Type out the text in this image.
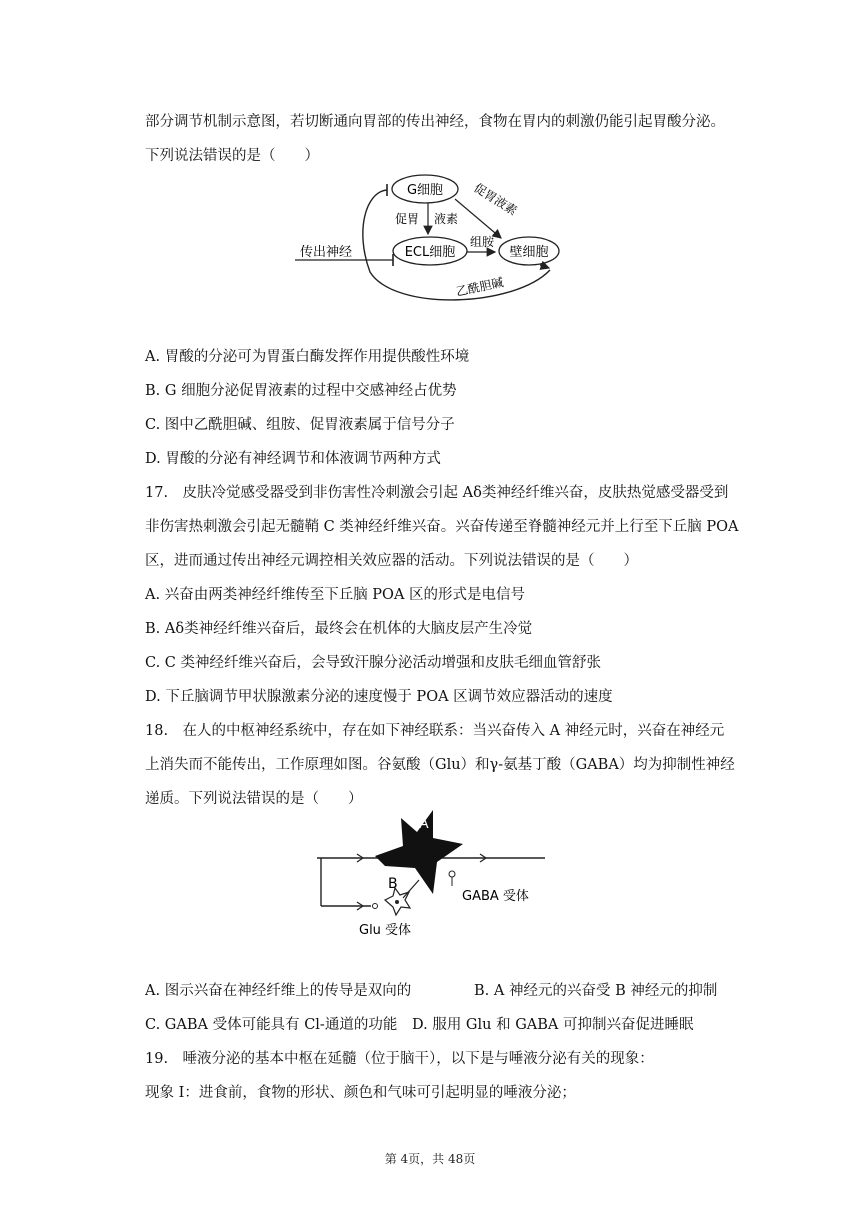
部分调节机制示意图，若切断通向胃部的传出神经，食物在胃内的刺激仍能引起胃酸分泌。
下列说法错误的是（　　）
G细胞
ECL细胞	壁细胞
传出神经
促胃 液素
组胺
促胃液素
乙酰胆碱
A. 胃酸的分泌可为胃蛋白酶发挥作用提供酸性环境
B. G 细胞分泌促胃液素的过程中交感神经占优势
C. 图中乙酰胆碱、组胺、促胃液素属于信号分子
D. 胃酸的分泌有神经调节和体液调节两种方式
17.　皮肤冷觉感受器受到非伤害性冷刺激会引起 Aδ类神经纤维兴奋，皮肤热觉感受器受到
非伤害热刺激会引起无髓鞘 C 类神经纤维兴奋。兴奋传递至脊髓神经元并上行至下丘脑 POA
区，进而通过传出神经元调控相关效应器的活动。下列说法错误的是（　　）
A. 兴奋由两类神经纤维传至下丘脑 POA 区的形式是电信号
B. Aδ类神经纤维兴奋后，最终会在机体的大脑皮层产生冷觉
C. C 类神经纤维兴奋后，会导致汗腺分泌活动增强和皮肤毛细血管舒张
D. 下丘脑调节甲状腺激素分泌的速度慢于 POA 区调节效应器活动的速度
18.　在人的中枢神经系统中，存在如下神经联系：当兴奋传入 A 神经元时，兴奋在神经元
上消失而不能传出，工作原理如图。谷氨酸（Glu）和γ-氨基丁酸（GABA）均为抑制性神经
递质。下列说法错误的是（　　）
A
B
GABA 受体
Glu 受体
A. 图示兴奋在神经纤维上的传导是双向的	B. A 神经元的兴奋受 B 神经元的抑制
C. GABA 受体可能具有 Cl-通道的功能 D. 服用 Glu 和 GABA 可抑制兴奋促进睡眠
19.　唾液分泌的基本中枢在延髓（位于脑干），以下是与唾液分泌有关的现象：
现象 I：进食前，食物的形状、颜色和气味可引起明显的唾液分泌；
第 4页，共 48页
